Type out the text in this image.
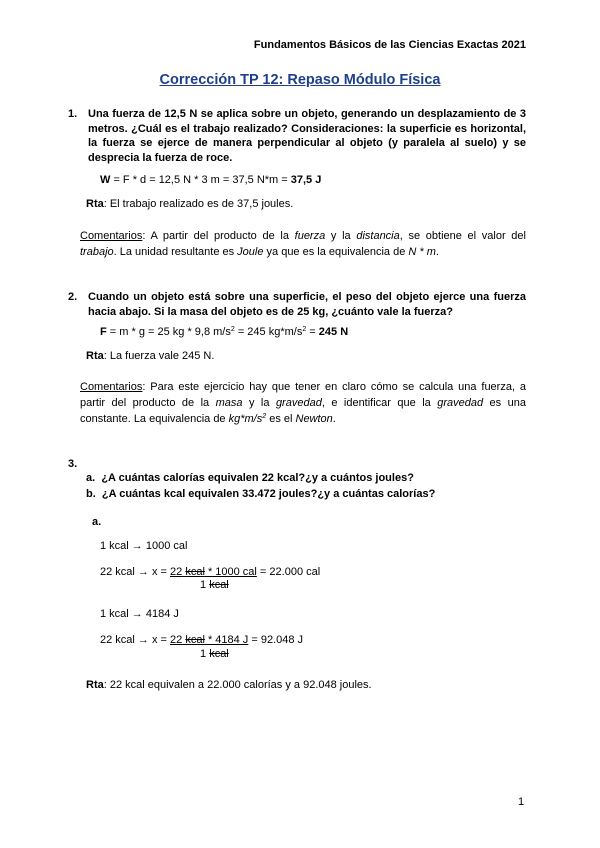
Fundamentos Básicos de las Ciencias Exactas 2021
Corrección TP 12: Repaso Módulo Física
1. Una fuerza de 12,5 N se aplica sobre un objeto, generando un desplazamiento de 3 metros. ¿Cuál es el trabajo realizado? Consideraciones: la superficie es horizontal, la fuerza se ejerce de manera perpendicular al objeto (y paralela al suelo) y se desprecia la fuerza de roce.
W = F * d = 12,5 N * 3 m = 37,5 N*m = 37,5 J
Rta: El trabajo realizado es de 37,5 joules.
Comentarios: A partir del producto de la fuerza y la distancia, se obtiene el valor del trabajo. La unidad resultante es Joule ya que es la equivalencia de N * m.
2. Cuando un objeto está sobre una superficie, el peso del objeto ejerce una fuerza hacia abajo. Si la masa del objeto es de 25 kg, ¿cuánto vale la fuerza?
F = m * g = 25 kg * 9,8 $m/s^2 = 245$ $kg*m/s^2 = 245$ N
Rta: La fuerza vale 245 N.
Comentarios: Para este ejercicio hay que tener en claro cómo se calcula una fuerza, a partir del producto de la masa y la gravedad, e identificar que la gravedad es una constante. La equivalencia de $kg*m/s^2$ es el Newton.
3.
a. ¿A cuántas calorías equivalen 22 kcal?¿y a cuántos joules?
b. ¿A cuántas kcal equivalen 33.472 joules?¿y a cuántas calorías?
a.
1 kcal → 1000 cal
22 kcal → x = 22 kcal * 1000 cal = 22.000 cal
1 kcal
1 kcal → 4184 J
22 kcal → x = 22 kcal * 4184 J = 92.048 J
1 kcal
Rta: 22 kcal equivalen a 22.000 calorías y a 92.048 joules.
1
